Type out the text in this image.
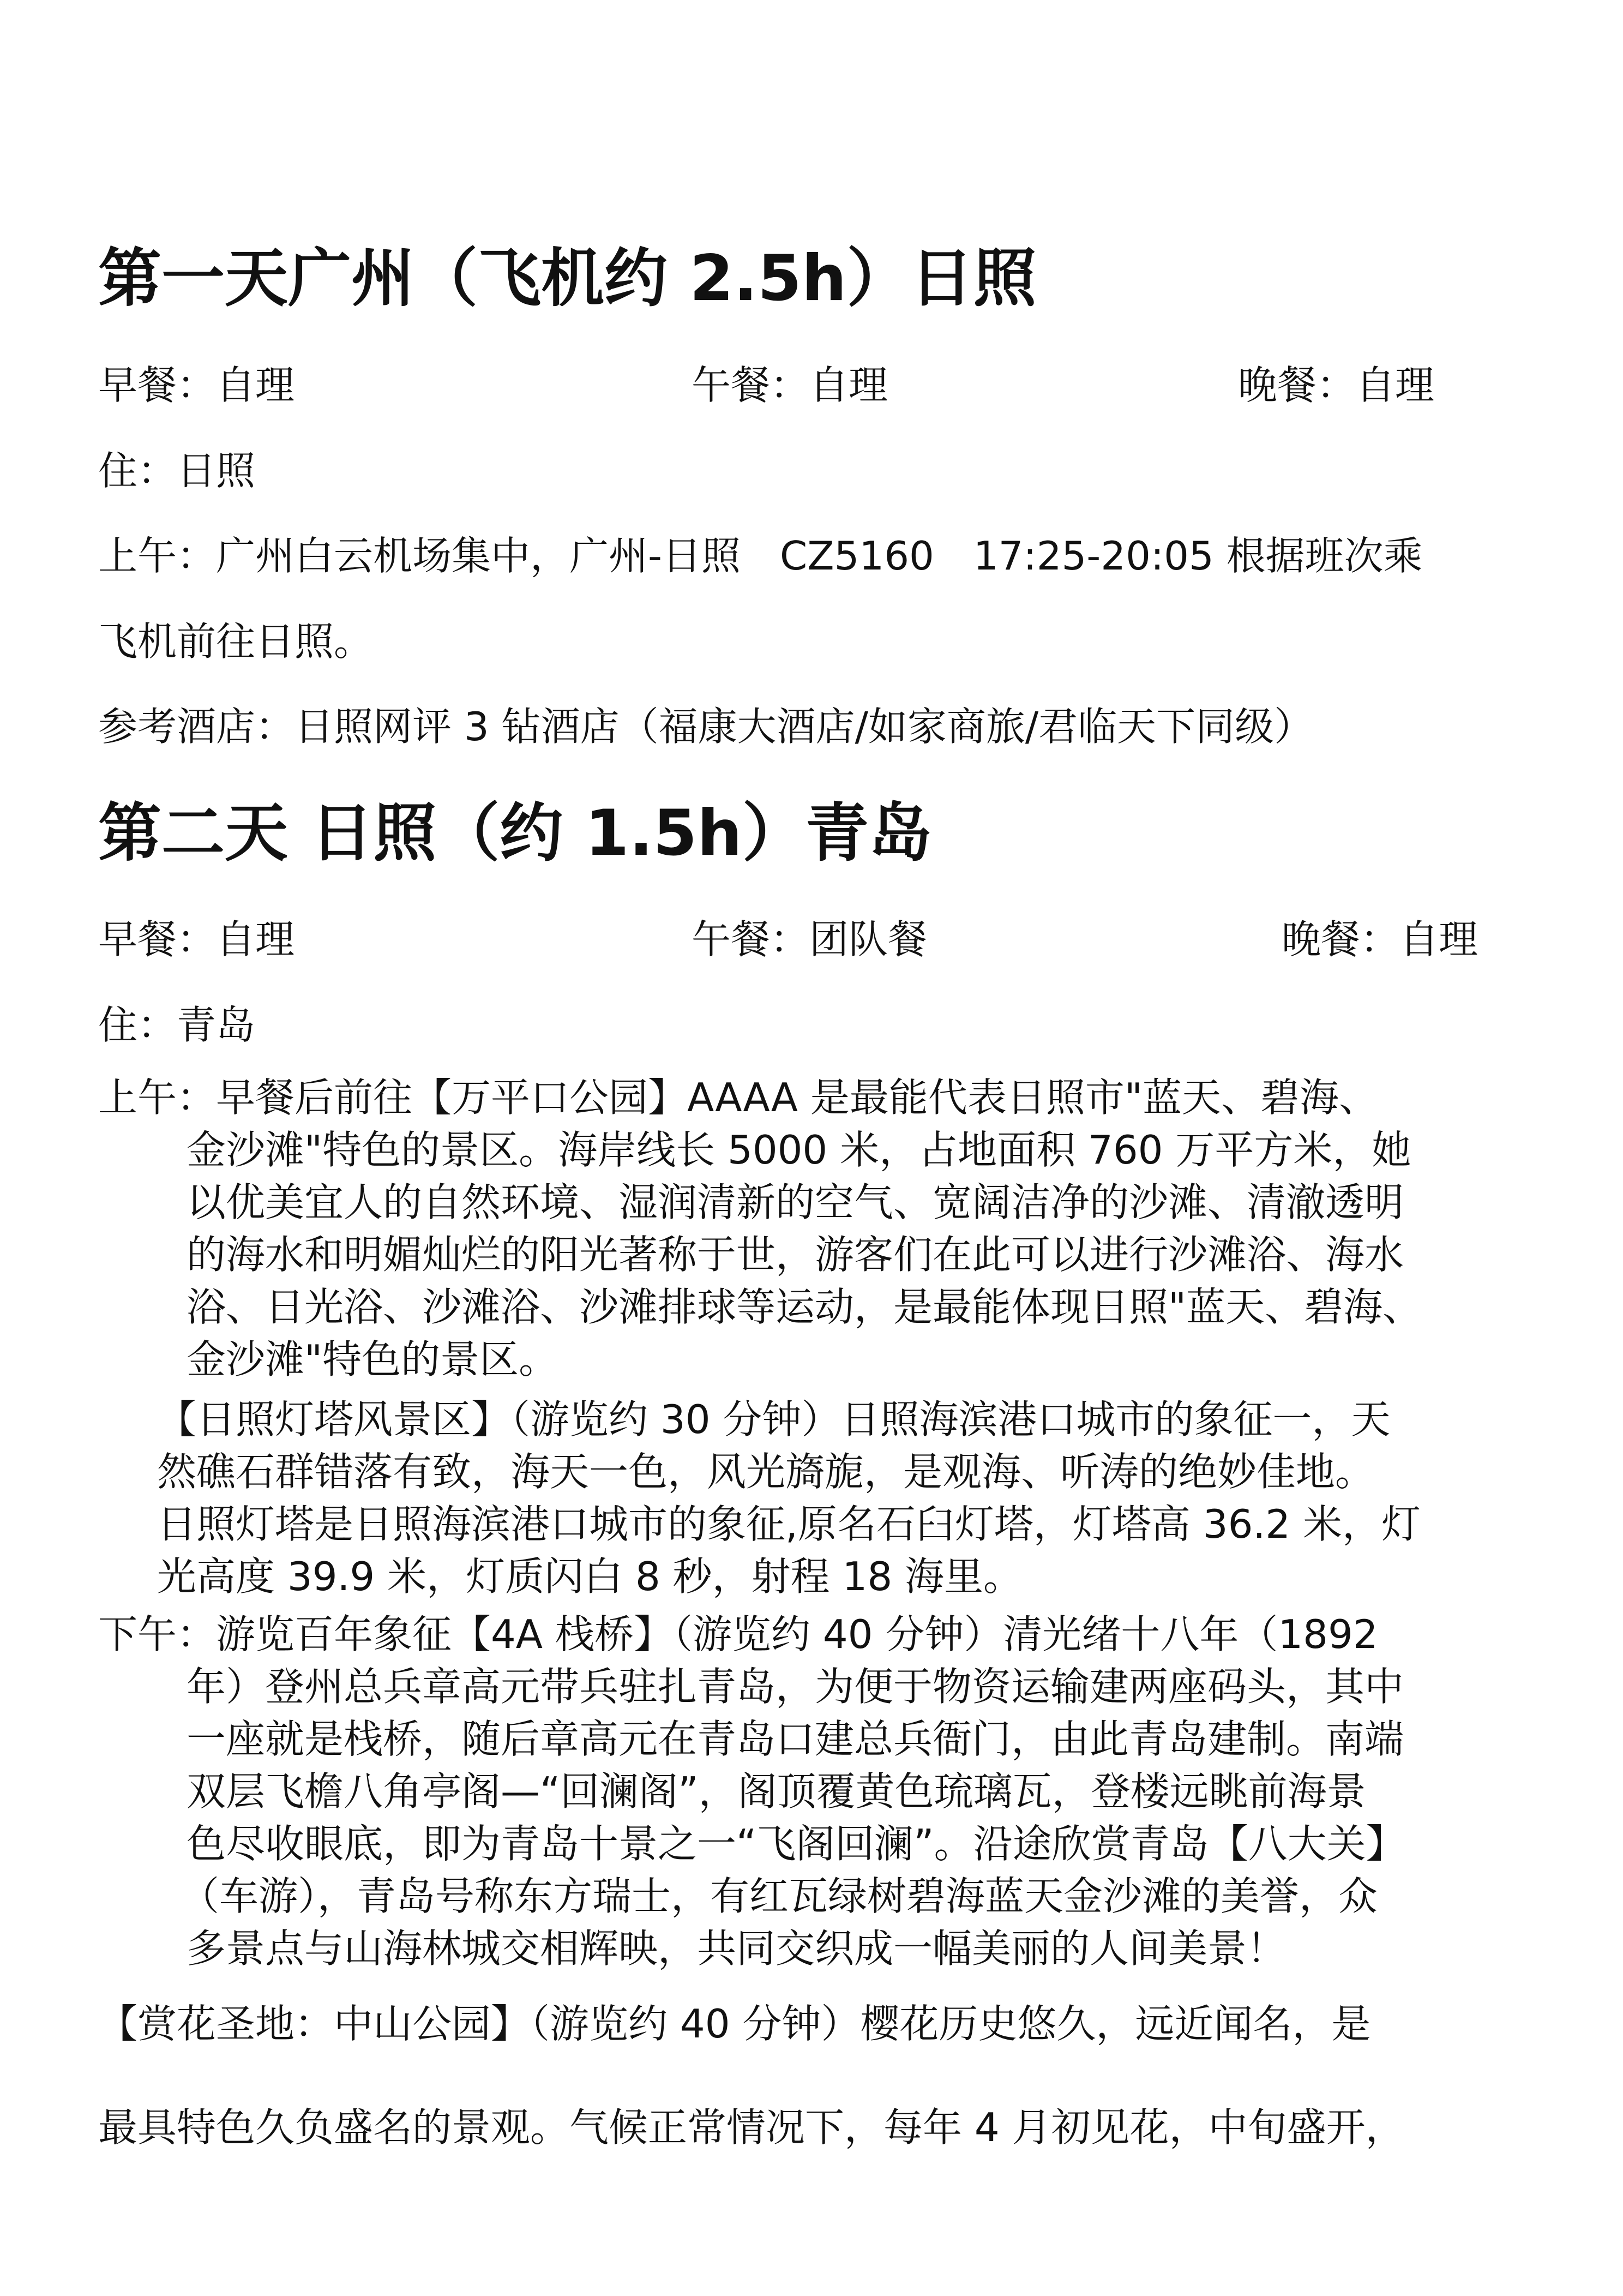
第一天广州（飞机约 2.5h）日照
早餐：自理	午餐：自理	晚餐：自理
住：日照
上午：广州白云机场集中，广州-日照　CZ5160　17:25-20:05 根据班次乘
飞机前往日照。
参考酒店：日照网评 3 钻酒店（福康大酒店/如家商旅/君临天下同级）
第二天 日照（约 1.5h）青岛
早餐：自理	午餐：团队餐	晚餐：自理
住：青岛
上午：早餐后前往【万平口公园】AAAA 是最能代表日照市"蓝天、碧海、
金沙滩"特色的景区。海岸线长 5000 米，占地面积 760 万平方米，她
以优美宜人的自然环境、湿润清新的空气、宽阔洁净的沙滩、清澈透明
的海水和明媚灿烂的阳光著称于世，游客们在此可以进行沙滩浴、海水
浴、日光浴、沙滩浴、沙滩排球等运动，是最能体现日照"蓝天、碧海、
金沙滩"特色的景区。
【日照灯塔风景区】（游览约 30 分钟）日照海滨港口城市的象征一，天
然礁石群错落有致，海天一色，风光旖旎，是观海、听涛的绝妙佳地。
日照灯塔是日照海滨港口城市的象征,原名石臼灯塔，灯塔高 36.2 米，灯
光高度 39.9 米，灯质闪白 8 秒，射程 18 海里。
下午：游览百年象征【4A 栈桥】（游览约 40 分钟）清光绪十八年（1892
年）登州总兵章高元带兵驻扎青岛，为便于物资运输建两座码头，其中
一座就是栈桥，随后章高元在青岛口建总兵衙门，由此青岛建制。南端
双层飞檐八角亭阁—“回澜阁”，阁顶覆黄色琉璃瓦，登楼远眺前海景
色尽收眼底，即为青岛十景之一“飞阁回澜”。沿途欣赏青岛【八大关】
（车游），青岛号称东方瑞士，有红瓦绿树碧海蓝天金沙滩的美誉，众
多景点与山海林城交相辉映，共同交织成一幅美丽的人间美景！
【赏花圣地：中山公园】（游览约 40 分钟）樱花历史悠久，远近闻名，是
最具特色久负盛名的景观。气候正常情况下，每年 4 月初见花，中旬盛开，
